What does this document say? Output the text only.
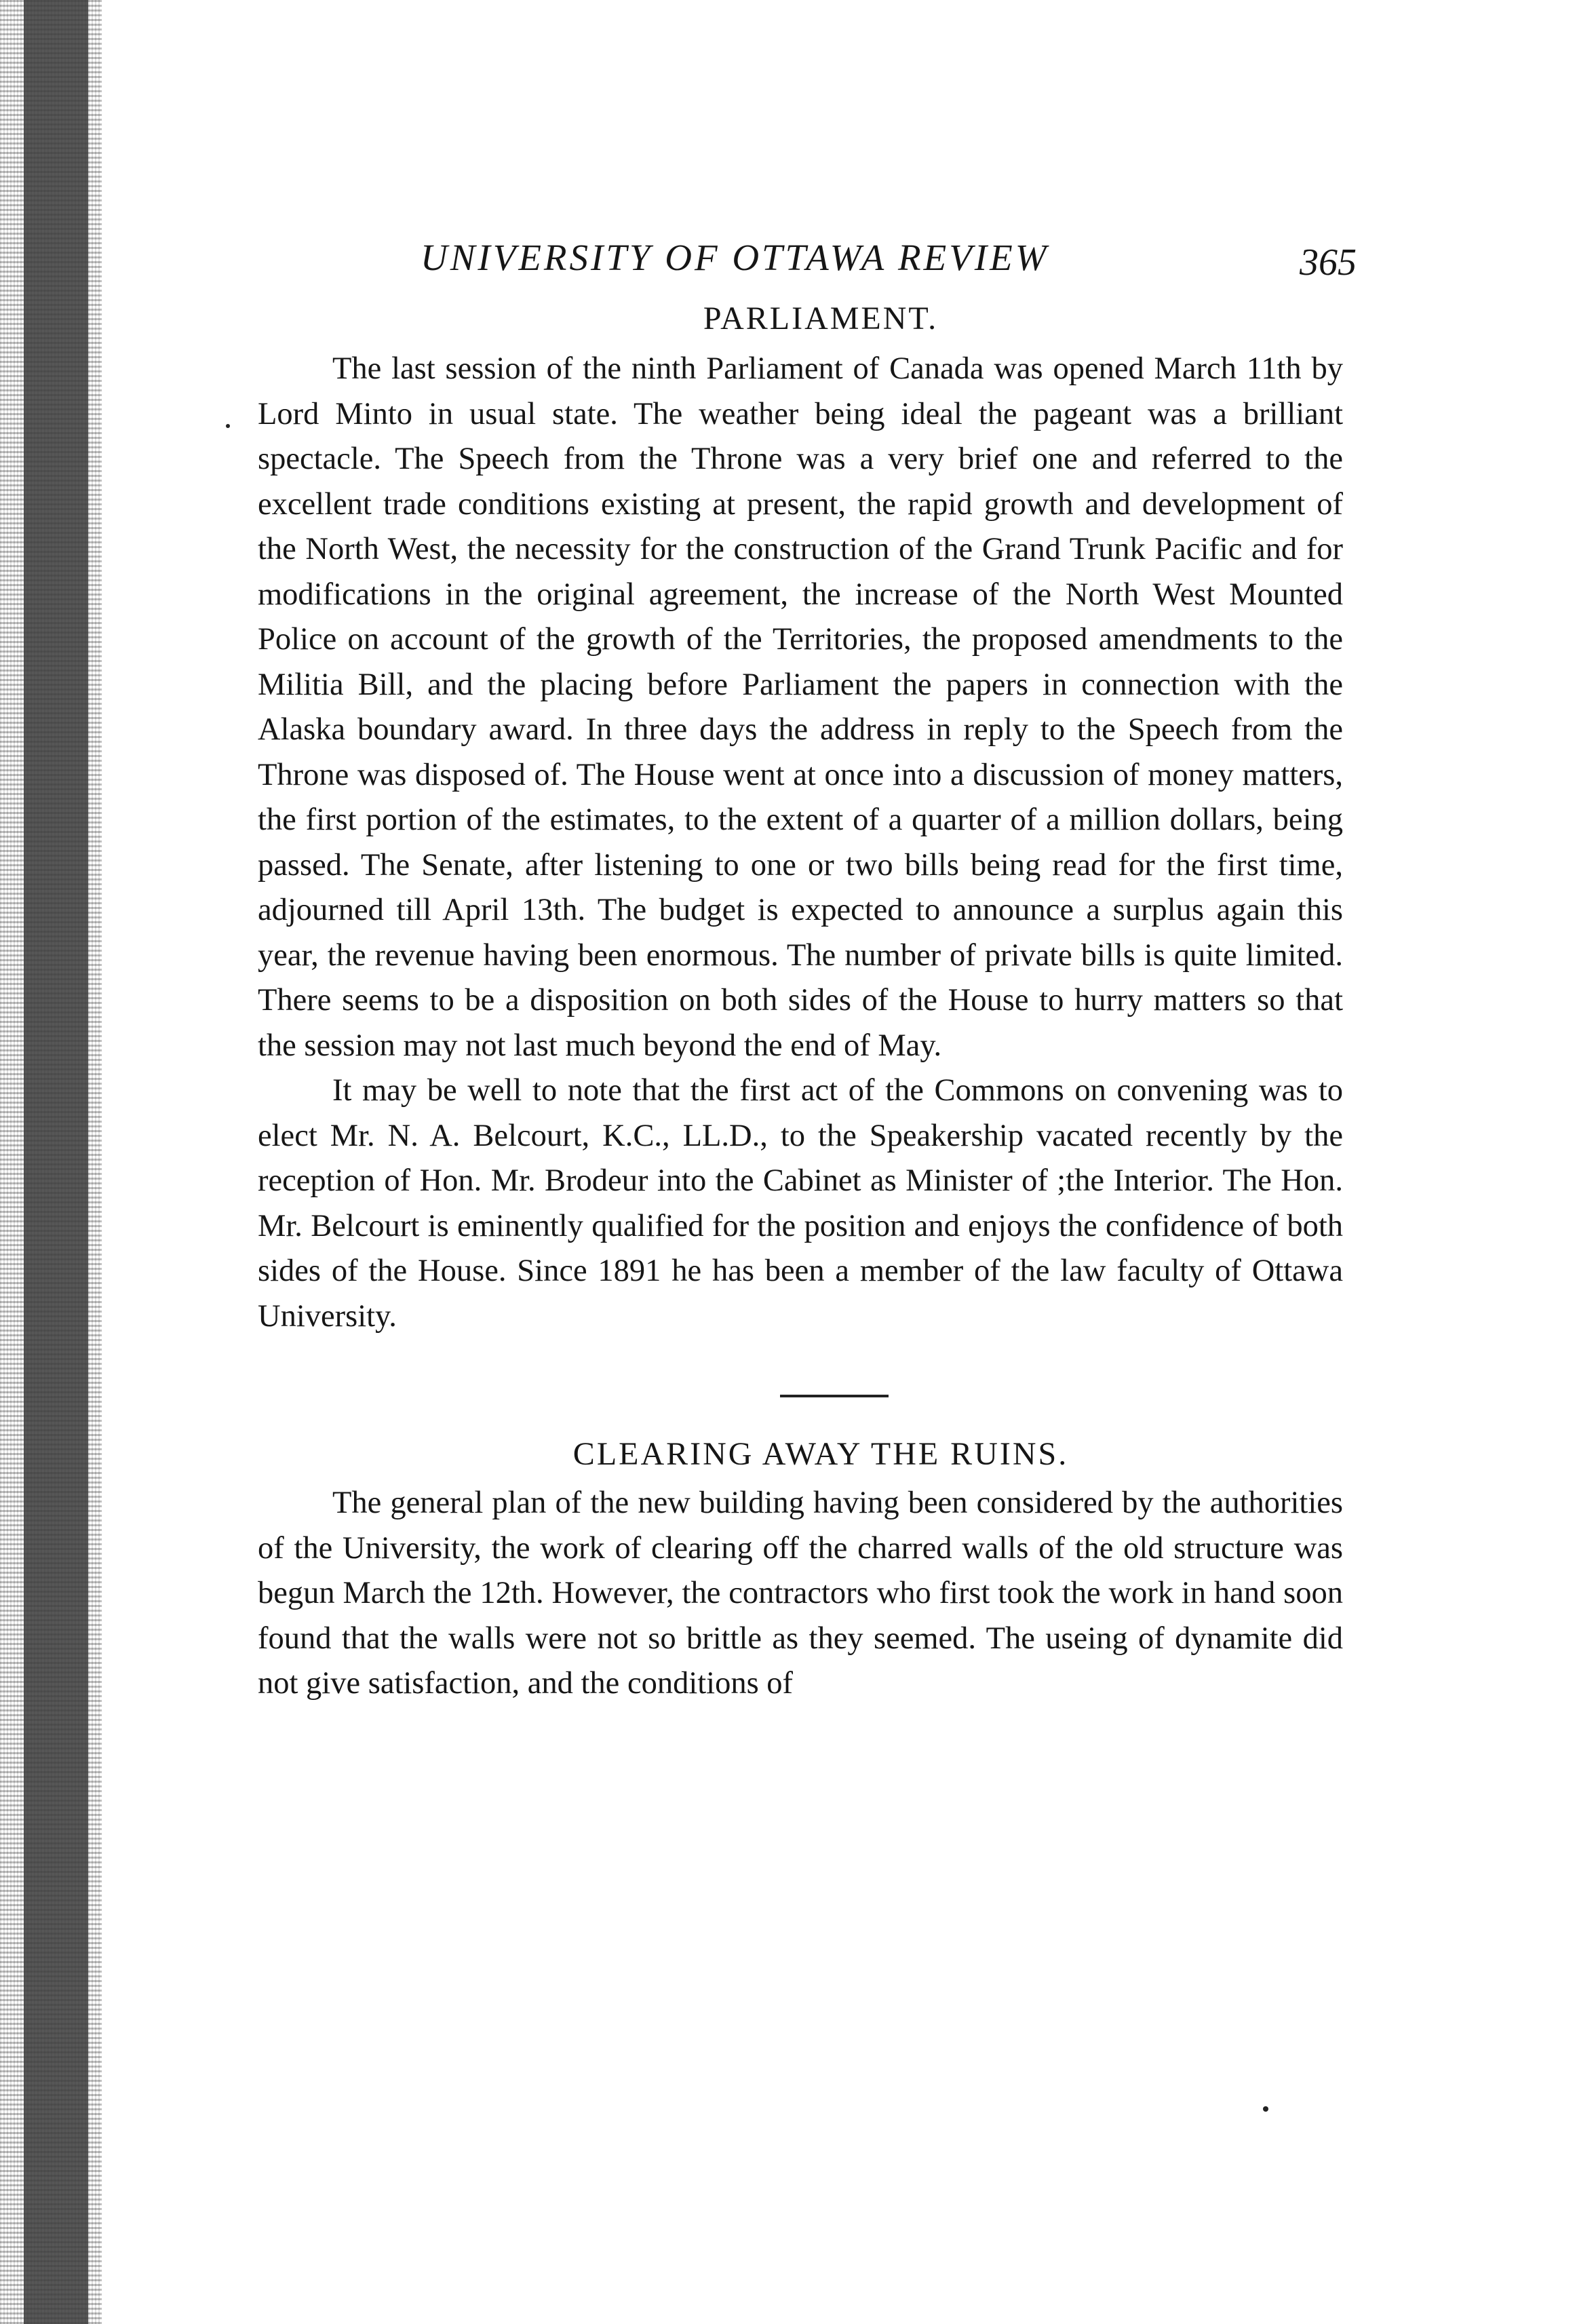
UNIVERSITY OF OTTAWA REVIEW	365
PARLIAMENT.

The last session of the ninth Parliament of Canada was opened March 11th by Lord Minto in usual state. The weather being ideal the pageant was a brilliant spectacle. The Speech from the Throne was a very brief one and referred to the excellent trade conditions existing at present, the rapid growth and development of the North West, the necessity for the construction of the Grand Trunk Pacific and for modifications in the original agreement, the increase of the North West Mounted Police on account of the growth of the Territories, the proposed amendments to the Militia Bill, and the placing before Parliament the papers in connection with the Alaska boundary award. In three days the address in reply to the Speech from the Throne was disposed of. The House went at once into a discussion of money matters, the first portion of the estimates, to the extent of a quarter of a million dollars, being passed. The Senate, after listening to one or two bills being read for the first time, adjourned till April 13th. The budget is expected to announce a surplus again this year, the revenue having been enormous. The number of private bills is quite limited. There seems to be a disposition on both sides of the House to hurry matters so that the session may not last much beyond the end of May.

It may be well to note that the first act of the Commons on convening was to elect Mr. N. A. Belcourt, K.C., LL.D., to the Speakership vacated recently by the reception of Hon. Mr. Brodeur into the Cabinet as Minister of ;the Interior. The Hon. Mr. Belcourt is eminently qualified for the position and enjoys the confidence of both sides of the House. Since 1891 he has been a member of the law faculty of Ottawa University.

CLEARING AWAY THE RUINS.

The general plan of the new building having been considered by the authorities of the University, the work of clearing off the charred walls of the old structure was begun March the 12th. However, the contractors who first took the work in hand soon found that the walls were not so brittle as they seemed. The useing of dynamite did not give satisfaction, and the conditions of
